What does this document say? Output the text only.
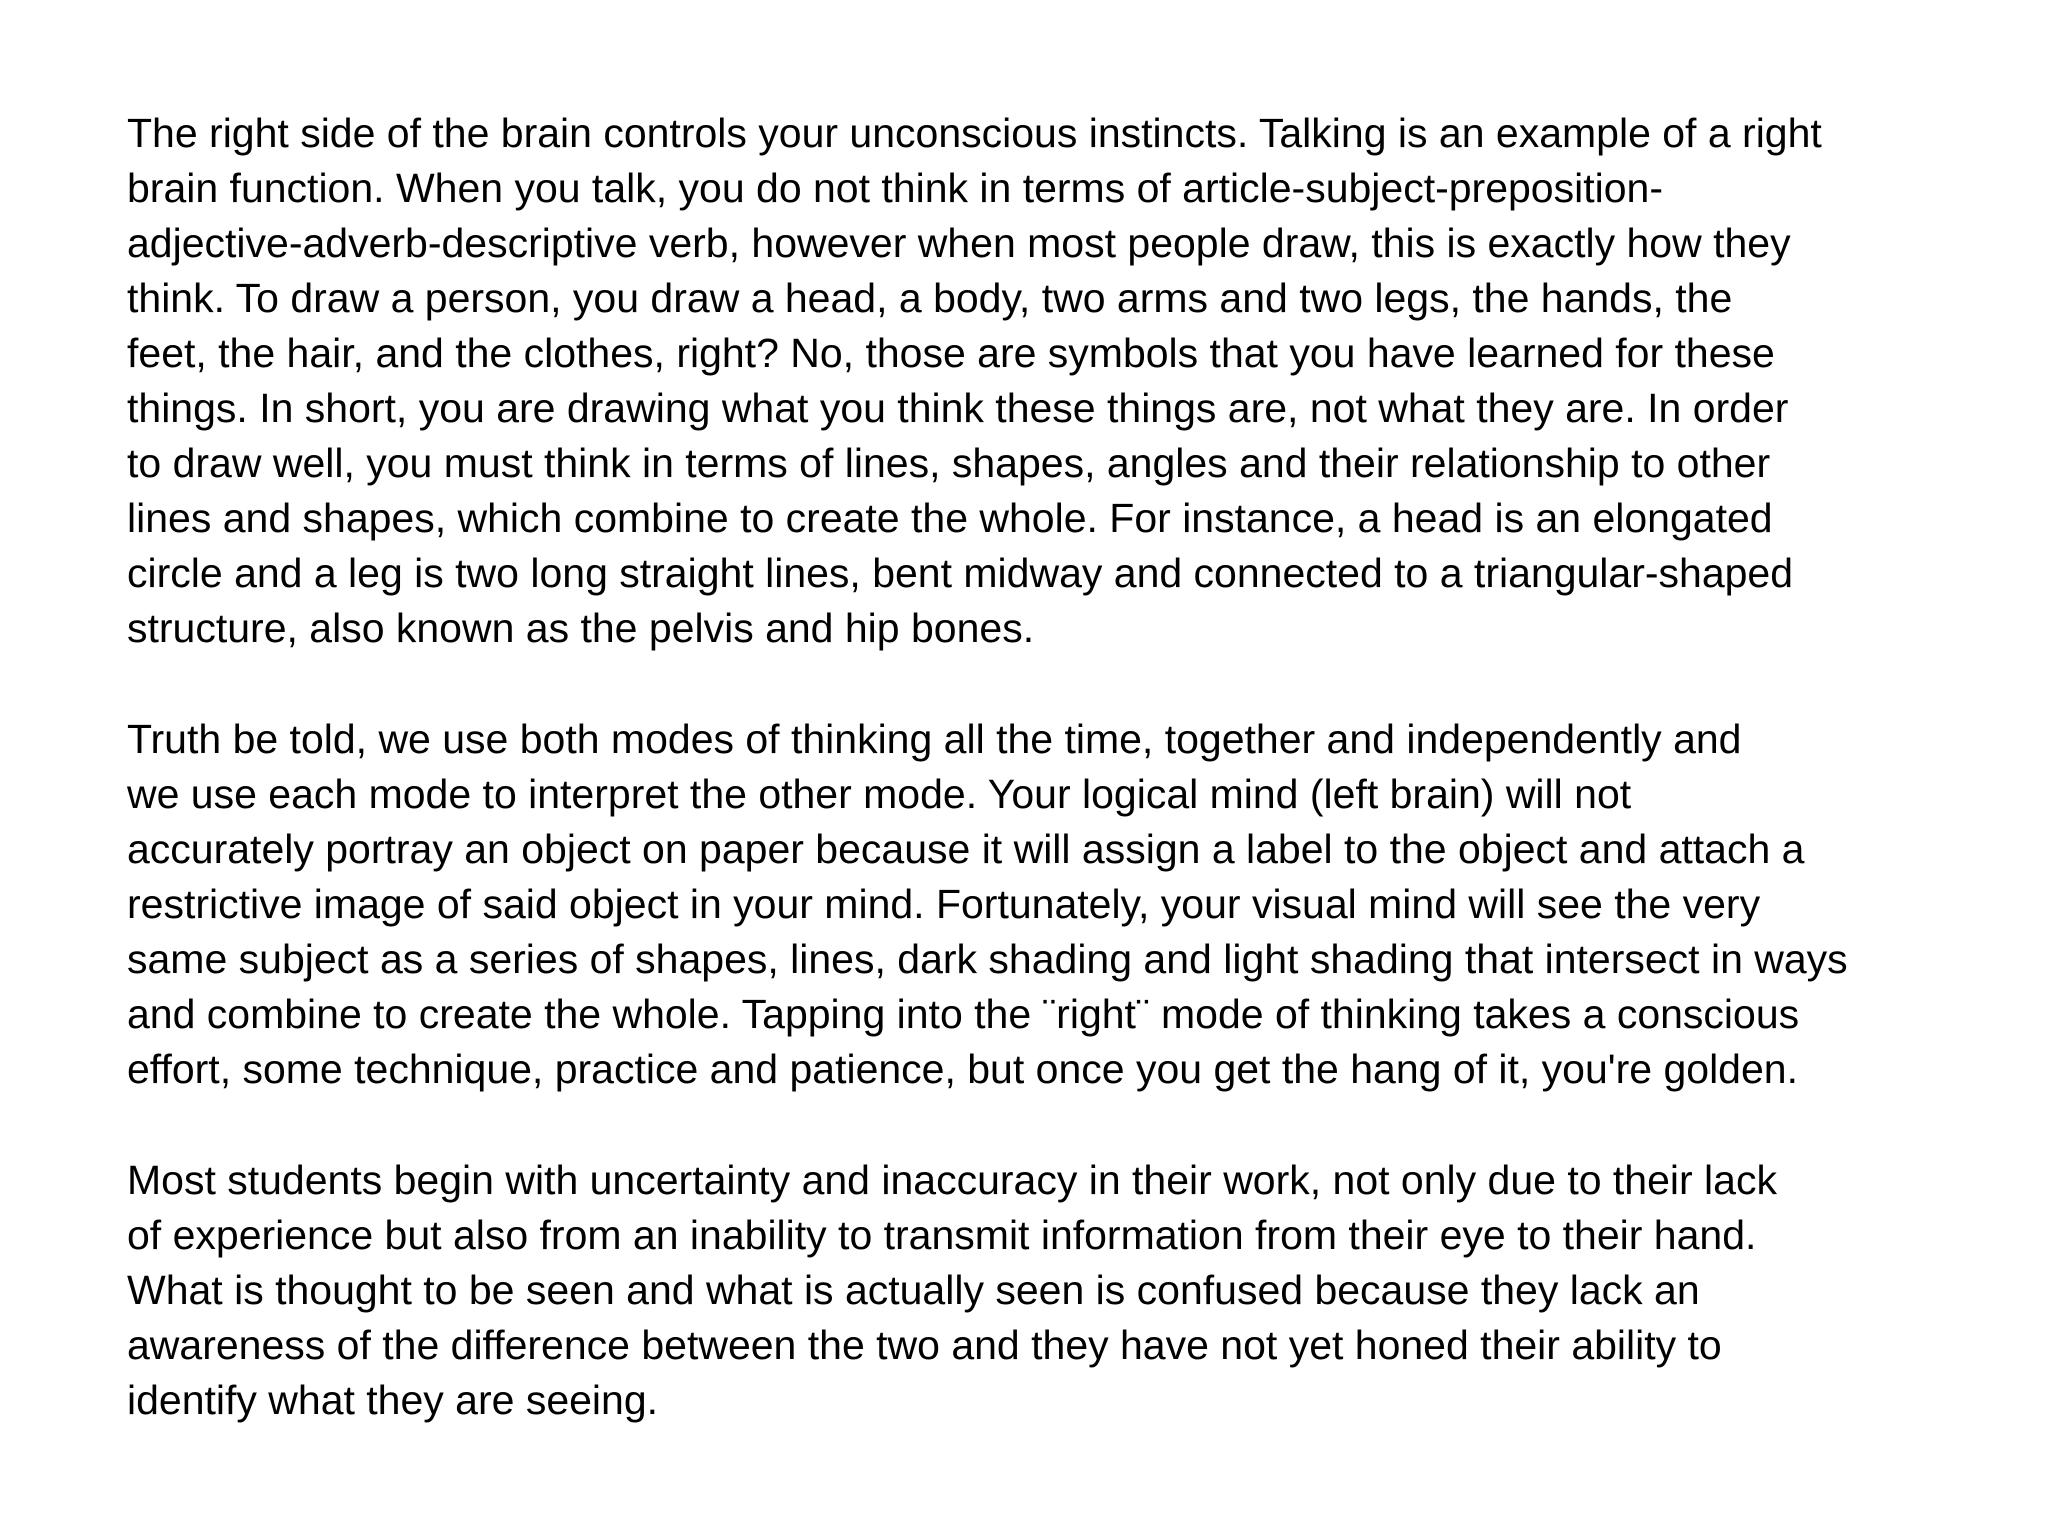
The right side of the brain controls your unconscious instincts. Talking is an example of a right
brain function. When you talk, you do not think in terms of article-subject-preposition-
adjective-adverb-descriptive verb, however when most people draw, this is exactly how they
think. To draw a person, you draw a head, a body, two arms and two legs, the hands, the
feet, the hair, and the clothes, right? No, those are symbols that you have learned for these
things. In short, you are drawing what you think these things are, not what they are. In order
to draw well, you must think in terms of lines, shapes, angles and their relationship to other
lines and shapes, which combine to create the whole. For instance, a head is an elongated
circle and a leg is two long straight lines, bent midway and connected to a triangular-shaped
structure, also known as the pelvis and hip bones.
Truth be told, we use both modes of thinking all the time, together and independently and
we use each mode to interpret the other mode. Your logical mind (left brain) will not
accurately portray an object on paper because it will assign a label to the object and attach a
restrictive image of said object in your mind. Fortunately, your visual mind will see the very
same subject as a series of shapes, lines, dark shading and light shading that intersect in ways
and combine to create the whole. Tapping into the ¨right¨ mode of thinking takes a conscious
effort, some technique, practice and patience, but once you get the hang of it, you're golden.
Most students begin with uncertainty and inaccuracy in their work, not only due to their lack
of experience but also from an inability to transmit information from their eye to their hand.
What is thought to be seen and what is actually seen is confused because they lack an
awareness of the difference between the two and they have not yet honed their ability to
identify what they are seeing.
